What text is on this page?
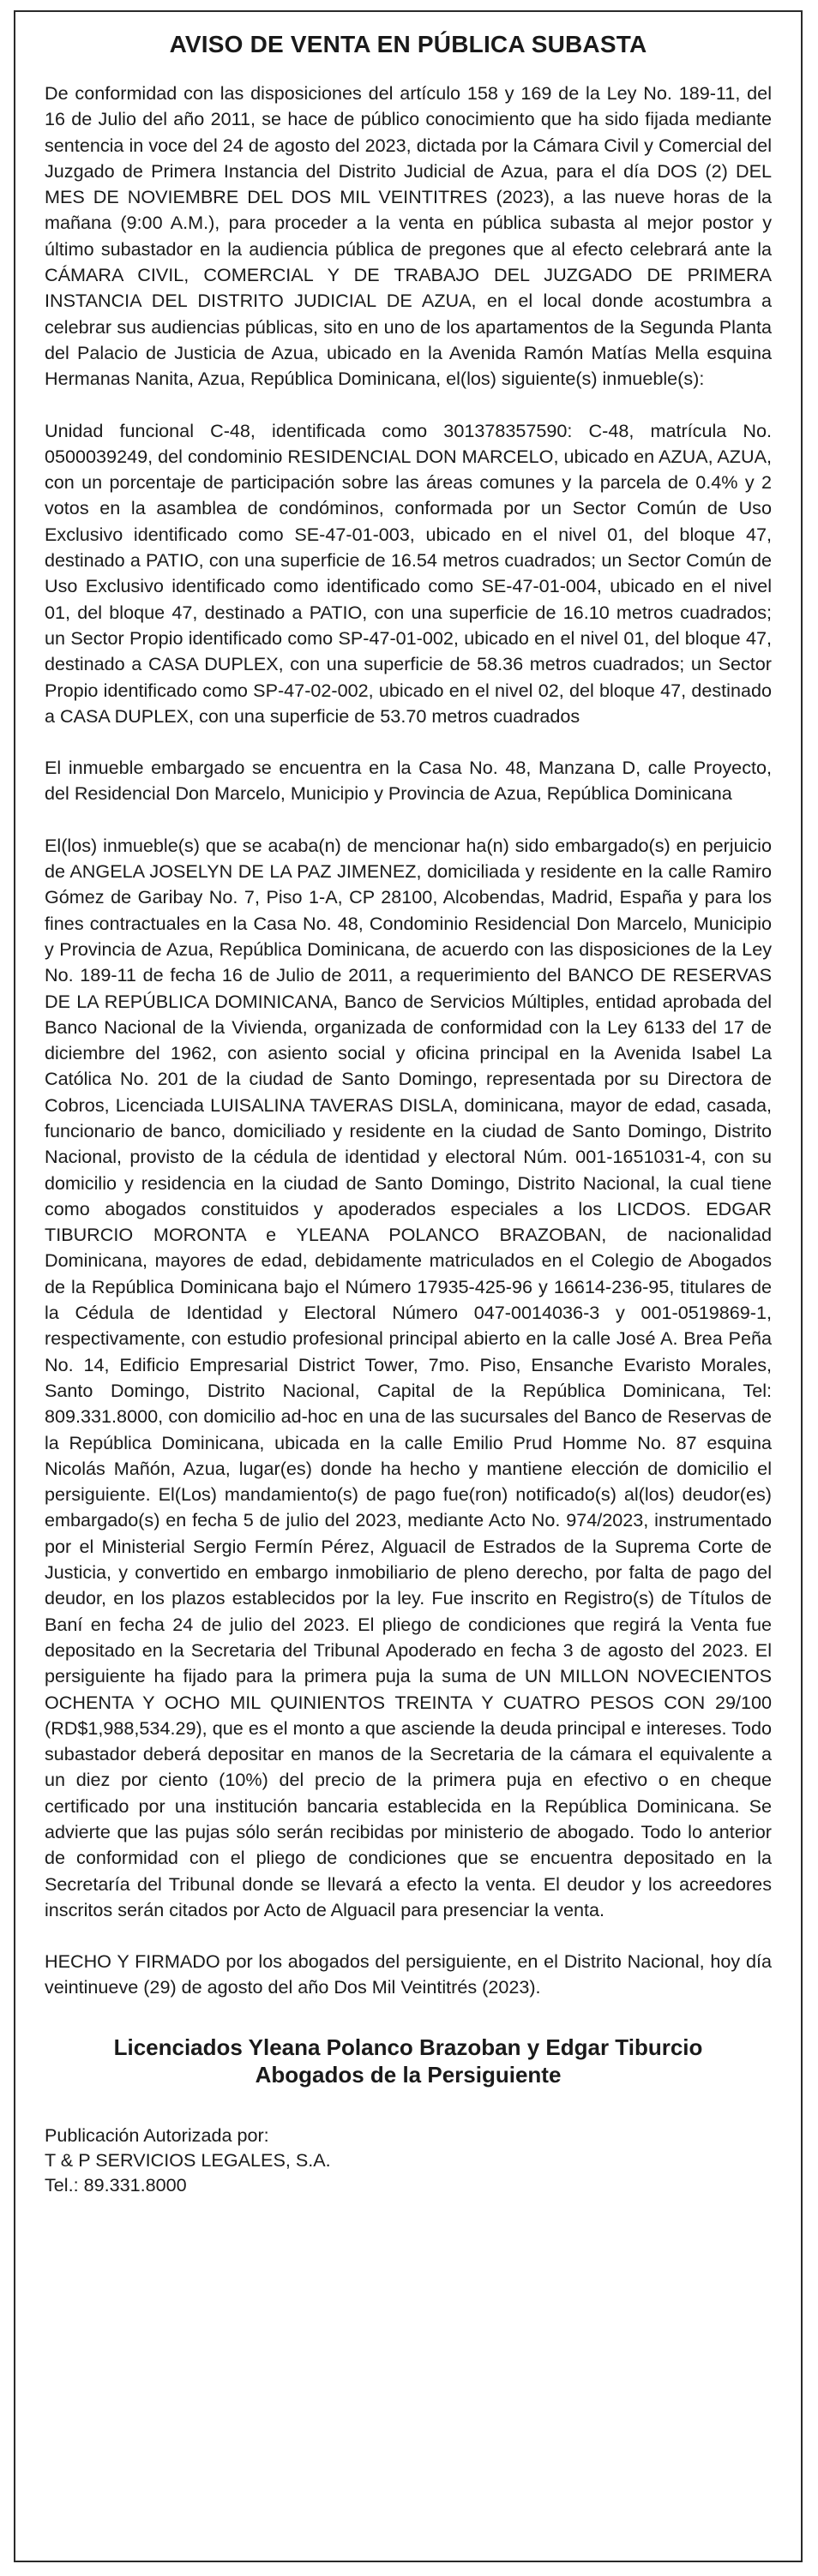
AVISO DE VENTA EN PÚBLICA SUBASTA

De conformidad con las disposiciones del artículo 158 y 169 de la Ley No. 189-11, del 16 de Julio del año 2011, se hace de público conocimiento que ha sido fijada mediante sentencia in voce del 24 de agosto del 2023, dictada por la Cámara Civil y Comercial del Juzgado de Primera Instancia del Distrito Judicial de Azua, para el día DOS (2) DEL MES DE NOVIEMBRE DEL DOS MIL VEINTITRES (2023), a las nueve horas de la mañana (9:00 A.M.), para proceder a la venta en pública subasta al mejor postor y último subastador en la audiencia pública de pregones que al efecto celebrará ante la CÁMARA CIVIL, COMERCIAL Y DE TRABAJO DEL JUZGADO DE PRIMERA INSTANCIA DEL DISTRITO JUDICIAL DE AZUA, en el local donde acostumbra a celebrar sus audiencias públicas, sito en uno de los apartamentos de la Segunda Planta del Palacio de Justicia de Azua, ubicado en la Avenida Ramón Matías Mella esquina Hermanas Nanita, Azua, República Dominicana, el(los) siguiente(s) inmueble(s):

Unidad funcional C-48, identificada como 301378357590: C-48, matrícula No. 0500039249, del condominio RESIDENCIAL DON MARCELO, ubicado en AZUA, AZUA, con un porcentaje de participación sobre las áreas comunes y la parcela de 0.4% y 2 votos en la asamblea de condóminos, conformada por un Sector Común de Uso Exclusivo identificado como SE-47-01-003, ubicado en el nivel 01, del bloque 47, destinado a PATIO, con una superficie de 16.54 metros cuadrados; un Sector Común de Uso Exclusivo identificado como identificado como SE-47-01-004, ubicado en el nivel 01, del bloque 47, destinado a PATIO, con una superficie de 16.10 metros cuadrados; un Sector Propio identificado como SP-47-01-002, ubicado en el nivel 01, del bloque 47, destinado a CASA DUPLEX, con una superficie de 58.36 metros cuadrados; un Sector Propio identificado como SP-47-02-002, ubicado en el nivel 02, del bloque 47, destinado a CASA DUPLEX, con una superficie de 53.70 metros cuadrados

El inmueble embargado se encuentra en la Casa No. 48, Manzana D, calle Proyecto, del Residencial Don Marcelo, Municipio y Provincia de Azua, República Dominicana

El(los) inmueble(s) que se acaba(n) de mencionar ha(n) sido embargado(s) en perjuicio de ANGELA JOSELYN DE LA PAZ JIMENEZ, domiciliada y residente en la calle Ramiro Gómez de Garibay No. 7, Piso 1-A, CP 28100, Alcobendas, Madrid, España y para los fines contractuales en la Casa No. 48, Condominio Residencial Don Marcelo, Municipio y Provincia de Azua, República Dominicana, de acuerdo con las disposiciones de la Ley No. 189-11 de fecha 16 de Julio de 2011, a requerimiento del BANCO DE RESERVAS DE LA REPÚBLICA DOMINICANA, Banco de Servicios Múltiples, entidad aprobada del Banco Nacional de la Vivienda, organizada de conformidad con la Ley 6133 del 17 de diciembre del 1962, con asiento social y oficina principal en la Avenida Isabel La Católica No. 201 de la ciudad de Santo Domingo, representada por su Directora de Cobros, Licenciada LUISALINA TAVERAS DISLA, dominicana, mayor de edad, casada, funcionario de banco, domiciliado y residente en la ciudad de Santo Domingo, Distrito Nacional, provisto de la cédula de identidad y electoral Núm. 001-1651031-4, con su domicilio y residencia en la ciudad de Santo Domingo, Distrito Nacional, la cual tiene como abogados constituidos y apoderados especiales a los LICDOS. EDGAR TIBURCIO MORONTA e YLEANA POLANCO BRAZOBAN, de nacionalidad Dominicana, mayores de edad, debidamente matriculados en el Colegio de Abogados de la República Dominicana bajo el Número 17935-425-96 y 16614-236-95, titulares de la Cédula de Identidad y Electoral Número 047-0014036-3 y 001-0519869-1, respectivamente, con estudio profesional principal abierto en la calle José A. Brea Peña No. 14, Edificio Empresarial District Tower, 7mo. Piso, Ensanche Evaristo Morales, Santo Domingo, Distrito Nacional, Capital de la República Dominicana, Tel: 809.331.8000, con domicilio ad-hoc en una de las sucursales del Banco de Reservas de la República Dominicana, ubicada en la calle Emilio Prud Homme No. 87 esquina Nicolás Mañón, Azua, lugar(es) donde ha hecho y mantiene elección de domicilio el persiguiente. El(Los) mandamiento(s) de pago fue(ron) notificado(s) al(los) deudor(es) embargado(s) en fecha 5 de julio del 2023, mediante Acto No. 974/2023, instrumentado por el Ministerial Sergio Fermín Pérez, Alguacil de Estrados de la Suprema Corte de Justicia, y convertido en embargo inmobiliario de pleno derecho, por falta de pago del deudor, en los plazos establecidos por la ley. Fue inscrito en Registro(s) de Títulos de Baní en fecha 24 de julio del 2023. El pliego de condiciones que regirá la Venta fue depositado en la Secretaria del Tribunal Apoderado en fecha 3 de agosto del 2023. El persiguiente ha fijado para la primera puja la suma de UN MILLON NOVECIENTOS OCHENTA Y OCHO MIL QUINIENTOS TREINTA Y CUATRO PESOS CON 29/100 (RD$1,988,534.29), que es el monto a que asciende la deuda principal e intereses. Todo subastador deberá depositar en manos de la Secretaria de la cámara el equivalente a un diez por ciento (10%) del precio de la primera puja en efectivo o en cheque certificado por una institución bancaria establecida en la República Dominicana. Se advierte que las pujas sólo serán recibidas por ministerio de abogado. Todo lo anterior de conformidad con el pliego de condiciones que se encuentra depositado en la Secretaría del Tribunal donde se llevará a efecto la venta. El deudor y los acreedores inscritos serán citados por Acto de Alguacil para presenciar la venta.

HECHO Y FIRMADO por los abogados del persiguiente, en el Distrito Nacional, hoy día veintinueve (29) de agosto del año Dos Mil Veintitrés (2023).

Licenciados Yleana Polanco Brazoban y Edgar Tiburcio
Abogados de la Persiguiente

Publicación Autorizada por:

T & P SERVICIOS LEGALES, S.A.

Tel.: 89.331.8000
